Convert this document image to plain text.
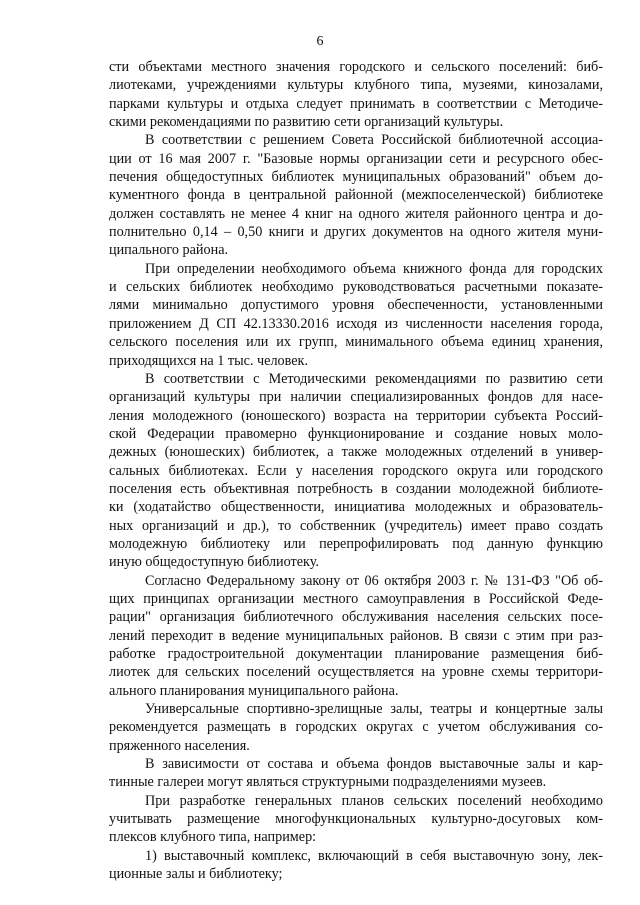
6
сти объектами местного значения городского и сельского поселений: биб-
лиотеками, учреждениями культуры клубного типа, музеями, кинозалами,
парками культуры и отдыха следует принимать в соответствии с Методиче-
скими рекомендациями по развитию сети организаций культуры.
В соответствии с решением Совета Российской библиотечной ассоциа-
ции от 16 мая 2007 г. "Базовые нормы организации сети и ресурсного обес-
печения общедоступных библиотек муниципальных образований" объем до-
кументного фонда в центральной районной (межпоселенческой) библиотеке
должен составлять не менее 4 книг на одного жителя районного центра и до-
полнительно 0,14 – 0,50 книги и других документов на одного жителя муни-
ципального района.
При определении необходимого объема книжного фонда для городских
и сельских библиотек необходимо руководствоваться расчетными показате-
лями минимально допустимого уровня обеспеченности, установленными
приложением Д СП 42.13330.2016 исходя из численности населения города,
сельского поселения или их групп, минимального объема единиц хранения,
приходящихся на 1 тыс. человек.
В соответствии с Методическими рекомендациями по развитию сети
организаций культуры при наличии специализированных фондов для насе-
ления молодежного (юношеского) возраста на территории субъекта Россий-
ской Федерации правомерно функционирование и создание новых моло-
дежных (юношеских) библиотек, а также молодежных отделений в универ-
сальных библиотеках. Если у населения городского округа или городского
поселения есть объективная потребность в создании молодежной библиоте-
ки (ходатайство общественности, инициатива молодежных и образователь-
ных организаций и др.), то собственник (учредитель) имеет право создать
молодежную библиотеку или перепрофилировать под данную функцию
иную общедоступную библиотеку.
Согласно Федеральному закону от 06 октября 2003 г. № 131-ФЗ "Об об-
щих принципах организации местного самоуправления в Российской Феде-
рации" организация библиотечного обслуживания населения сельских посе-
лений переходит в ведение муниципальных районов. В связи с этим при раз-
работке градостроительной документации планирование размещения биб-
лиотек для сельских поселений осуществляется на уровне схемы территори-
ального планирования муниципального района.
Универсальные спортивно-зрелищные залы, театры и концертные залы
рекомендуется размещать в городских округах с учетом обслуживания со-
пряженного населения.
В зависимости от состава и объема фондов выставочные залы и кар-
тинные галереи могут являться структурными подразделениями музеев.
При разработке генеральных планов сельских поселений необходимо
учитывать размещение многофункциональных культурно-досуговых ком-
плексов клубного типа, например:
1) выставочный комплекс, включающий в себя выставочную зону, лек-
ционные залы и библиотеку;
